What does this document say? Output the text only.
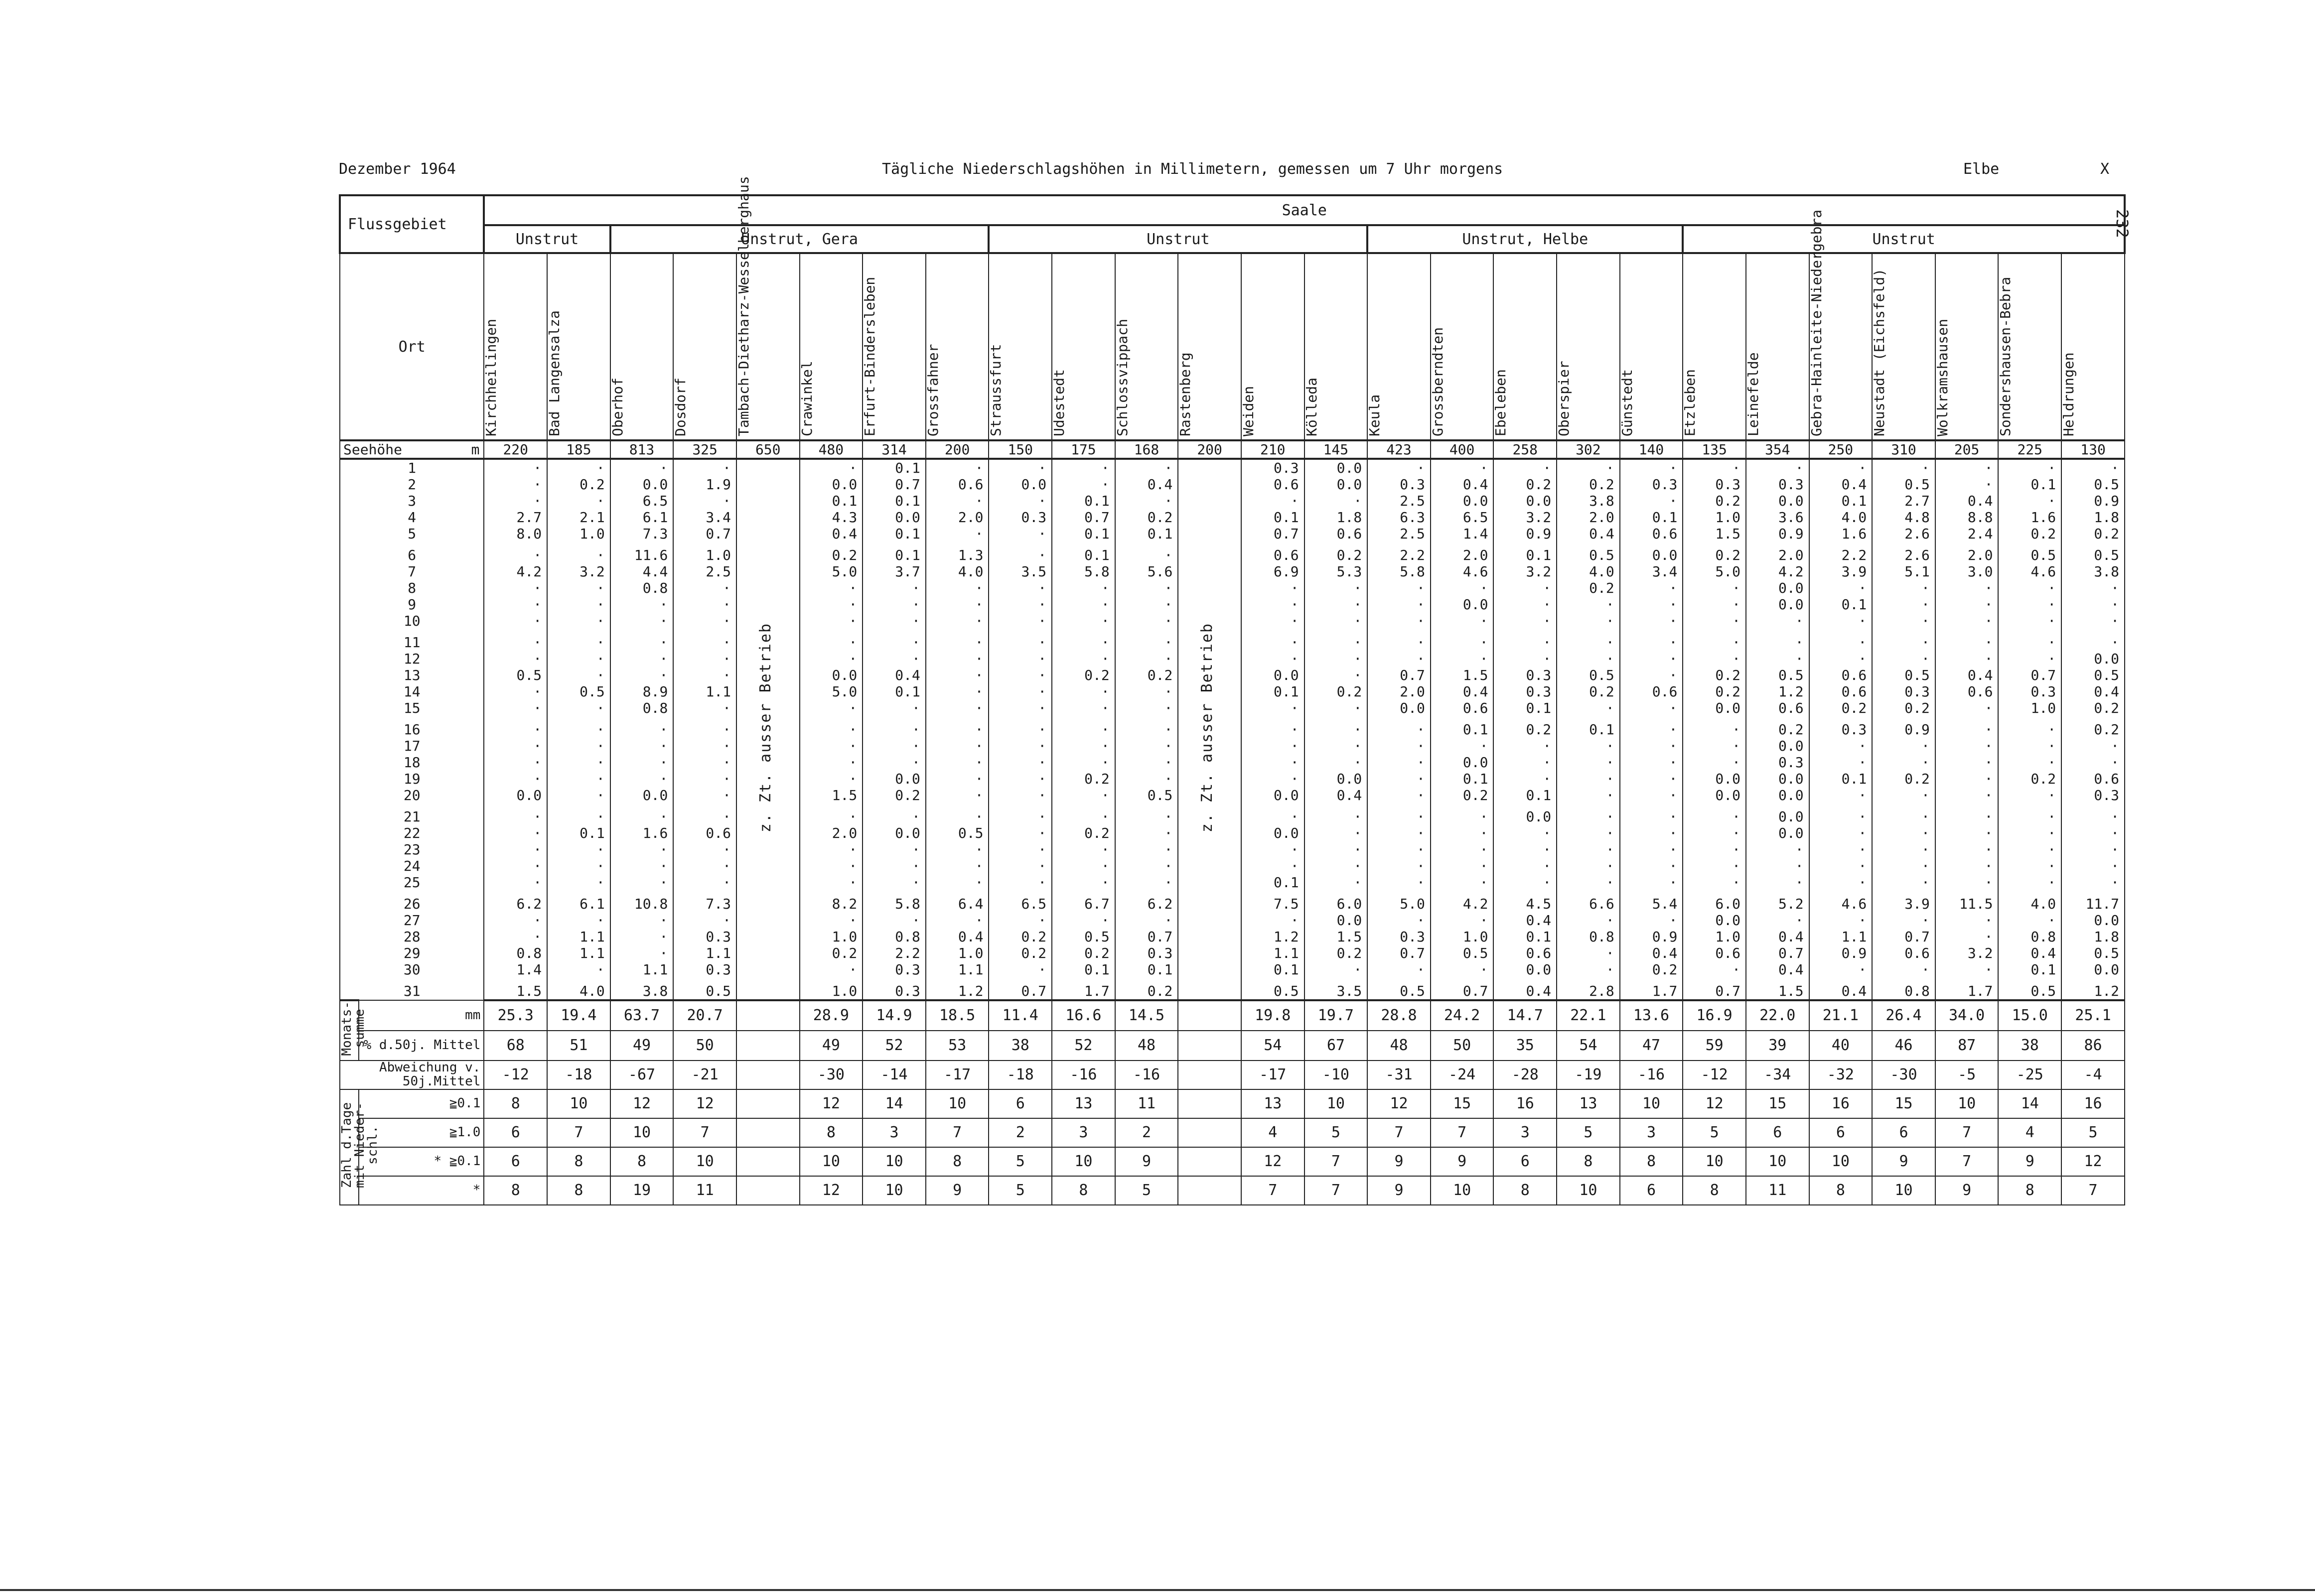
Dezember 1964	Tägliche Niederschlagshöhen in Millimetern, gemessen um 7 Uhr morgens	Elbe	X
232
Flussgebiet		Saale																									
		Unstrut		Unstrut, Gera						Unstrut						Unstrut, Helbe					Unstrut						
Ort		Kirchheilingen	Bad Langensalza	Oberhof	Dosdorf	Tambach-Dietharz-Wesselberghaus	Crawinkel	Erfurt-Bindersleben	Grossfahner	Straussfurt	Udestedt	Schlossvippach	Rastenberg	Weiden	Kölleda	Keula	Grossberndten	Ebeleben	Oberspier	Günstedt	Etzleben	Leinefelde	Gebra-Hainleite-Niedergebra	Neustadt (Eichsfeld)	Wolkramshausen	Sondershausen-Bebra	Heldrungen

Seehöhe m		220	185	813	325	650	480	314	200	150	175	168	200	210	145	423	400	258	302	140	135	354	250	310	205	225	130
1		·	·	·	·	z. Zt. ausser Betrieb	·	0.1	·	·	·	·	z. Zt. ausser Betrieb	0.3	0.0	·	·	·	·	·	·	·	·	·	·	·	·
2		·	0.2	0.0	1.9		0.0	0.7	0.6	0.0	·	0.4		0.6	0.0	0.3	0.4	0.2	0.2	0.3	0.3	0.3	0.4	0.5	·	0.1	0.5
3		·	·	6.5	·		0.1	0.1	·	·	0.1	·		·	·	2.5	0.0	0.0	3.8	·	0.2	0.0	0.1	2.7	0.4	·	0.9
4		2.7	2.1	6.1	3.4		4.3	0.0	2.0	0.3	0.7	0.2		0.1	1.8	6.3	6.5	3.2	2.0	0.1	1.0	3.6	4.0	4.8	8.8	1.6	1.8
5		8.0	1.0	7.3	0.7		0.4	0.1	·	·	0.1	0.1		0.7	0.6	2.5	1.4	0.9	0.4	0.6	1.5	0.9	1.6	2.6	2.4	0.2	0.2
6		·	·	11.6	1.0		0.2	0.1	1.3	·	0.1	·		0.6	0.2	2.2	2.0	0.1	0.5	0.0	0.2	2.0	2.2	2.6	2.0	0.5	0.5
7		4.2	3.2	4.4	2.5		5.0	3.7	4.0	3.5	5.8	5.6		6.9	5.3	5.8	4.6	3.2	4.0	3.4	5.0	4.2	3.9	5.1	3.0	4.6	3.8
8		·	·	0.8	·		·	·	·	·	·	·		·	·	·	·	·	0.2	·	·	0.0	·	·	·	·	·
9		·	·	·	·		·	·	·	·	·	·		·	·	·	0.0	·	·	·	·	0.0	0.1	·	·	·	·
10		·	·	·	·		·	·	·	·	·	·		·	·	·	·	·	·	·	·	·	·	·	·	·	·
11		·	·	·	·		·	·	·	·	·	·		·	·	·	·	·	·	·	·	·	·	·	·	·	·
12		·	·	·	·		·	·	·	·	·	·		·	·	·	·	·	·	·	·	·	·	·	·	·	0.0
13		0.5	·	·	·		0.0	0.4	·	·	0.2	0.2		0.0	·	0.7	1.5	0.3	0.5	·	0.2	0.5	0.6	0.5	0.4	0.7	0.5
14		·	0.5	8.9	1.1		5.0	0.1	·	·	·	·		0.1	0.2	2.0	0.4	0.3	0.2	0.6	0.2	1.2	0.6	0.3	0.6	0.3	0.4
15		·	·	0.8	·		·	·	·	·	·	·		·	·	0.0	0.6	0.1	·	·	0.0	0.6	0.2	0.2	·	1.0	0.2
16		·	·	·	·		·	·	·	·	·	·		·	·	·	0.1	0.2	0.1	·	·	0.2	0.3	0.9	·	·	0.2
17		·	·	·	·		·	·	·	·	·	·		·	·	·	·	·	·	·	·	0.0	·	·	·	·	·
18		·	·	·	·		·	·	·	·	·	·		·	·	·	0.0	·	·	·	·	0.3	·	·	·	·	·
19		·	·	·	·		·	0.0	·	·	0.2	·		·	0.0	·	0.1	·	·	·	0.0	0.0	0.1	0.2	·	0.2	0.6
20		0.0	·	0.0	·		1.5	0.2	·	·	·	0.5		0.0	0.4	·	0.2	0.1	·	·	0.0	0.0	·	·	·	·	0.3
21		·	·	·	·		·	·	·	·	·	·		·	·	·	·	0.0	·	·	·	0.0	·	·	·	·	·
22		·	0.1	1.6	0.6		2.0	0.0	0.5	·	0.2	·		0.0	·	·	·	·	·	·	·	0.0	·	·	·	·	·
23		·	·	·	·		·	·	·	·	·	·		·	·	·	·	·	·	·	·	·	·	·	·	·	·
24		·	·	·	·		·	·	·	·	·	·		·	·	·	·	·	·	·	·	·	·	·	·	·	·
25		·	·	·	·		·	·	·	·	·	·		0.1	·	·	·	·	·	·	·	·	·	·	·	·	·
26		6.2	6.1	10.8	7.3		8.2	5.8	6.4	6.5	6.7	6.2		7.5	6.0	5.0	4.2	4.5	6.6	5.4	6.0	5.2	4.6	3.9	11.5	4.0	11.7
27		·	·	·	·		·	·	·	·	·	·		·	0.0	·	·	0.4	·	·	0.0	·	·	·	·	·	0.0
28		·	1.1	·	0.3		1.0	0.8	0.4	0.2	0.5	0.7		1.2	1.5	0.3	1.0	0.1	0.8	0.9	1.0	0.4	1.1	0.7	·	0.8	1.8
29		0.8	1.1	·	1.1		0.2	2.2	1.0	0.2	0.2	0.3		1.1	0.2	0.7	0.5	0.6	·	0.4	0.6	0.7	0.9	0.6	3.2	0.4	0.5
30		1.4	·	1.1	0.3		·	0.3	1.1	·	0.1	0.1		0.1	·	·	·	0.0	·	0.2	·	0.4	·	·	·	0.1	0.0
31		1.5	4.0	3.8	0.5		1.0	0.3	1.2	0.7	1.7	0.2		0.5	3.5	0.5	0.7	0.4	2.8	1.7	0.7	1.5	0.4	0.8	1.7	0.5	1.2
Monats-summe	mm	25.3	19.4	63.7	20.7		28.9	14.9	18.5	11.4	16.6	14.5		19.8	19.7	28.8	24.2	14.7	22.1	13.6	16.9	22.0	21.1	26.4	34.0	15.0	25.1
	% d.50j. Mittel	68	51	49	50		49	52	53	38	52	48		54	67	48	50	35	54	47	59	39	40	46	87	38	86
Abweichung v. 50j.Mittel		-12	-18	-67	-21		-30	-14	-17	-18	-16	-16		-17	-10	-31	-24	-28	-19	-16	-12	-34	-32	-30	-5	-25	-4
Zahl d.Tage mit Nieder-schl.	≧0.1	8	10	12	12		12	14	10	6	13	11		13	10	12	15	16	13	10	12	15	16	15	10	14	16
	≧1.0	6	7	10	7		8	3	7	2	3	2		4	5	7	7	3	5	3	5	6	6	6	7	4	5
	* ≧0.1	6	8	8	10		10	10	8	5	10	9		12	7	9	9	6	8	8	10	10	10	9	7	9	12
	*	8	8	19	11		12	10	9	5	8	5		7	7	9	10	8	10	6	8	11	8	10	9	8	7
